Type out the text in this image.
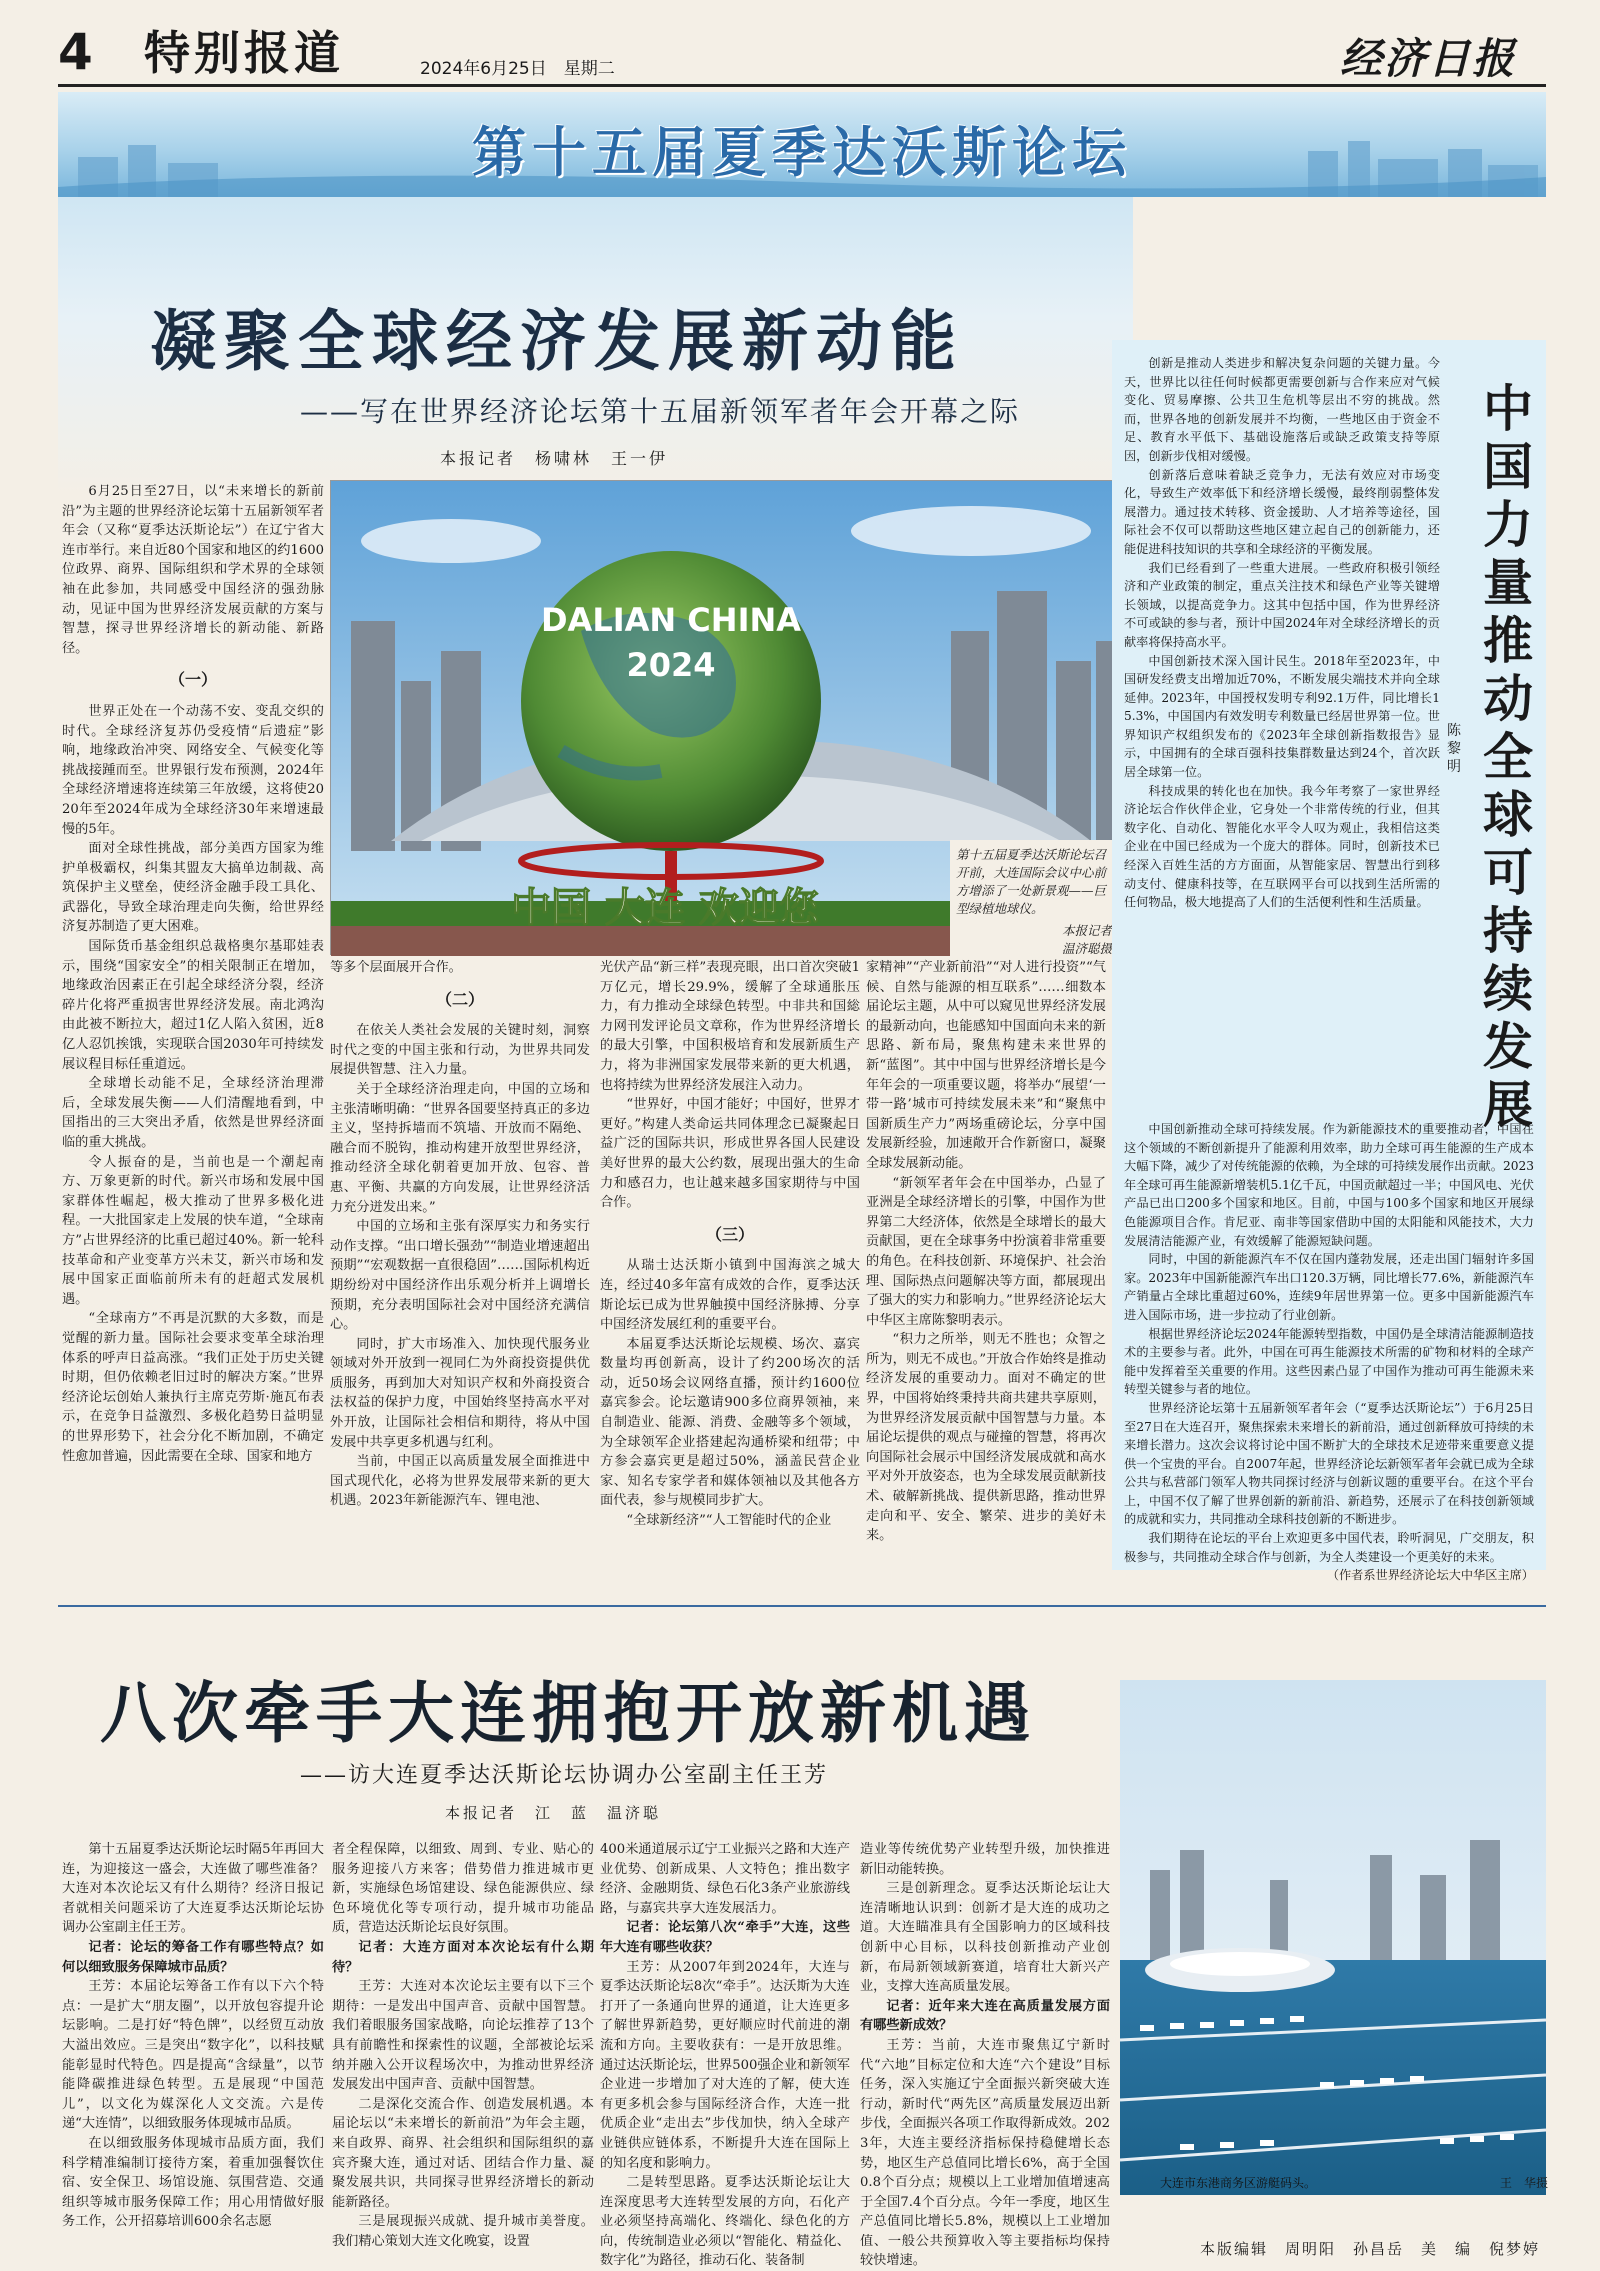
4 特别报道	2024年6月25日　星期二	经济日报
第十五届夏季达沃斯论坛
凝聚全球经济发展新动能
——写在世界经济论坛第十五届新领军者年会开幕之际
本报记者　杨啸林　王一伊
DALIAN CHINA
2024
中国 大连 欢迎您
第十五届夏季达沃斯论坛召开前，大连国际会议中心前方增添了一处新景观——巨型绿植地球仪。
本报记者
温济聪摄

6月25日至27日，以“未来增长的新前沿”为主题的世界经济论坛第十五届新领军者年会（又称“夏季达沃斯论坛”）在辽宁省大连市举行。来自近80个国家和地区的约1600位政界、商界、国际组织和学术界的全球领袖在此参加，共同感受中国经济的强劲脉动，见证中国为世界经济发展贡献的方案与智慧，探寻世界经济增长的新动能、新路径。

（一）

世界正处在一个动荡不安、变乱交织的时代。全球经济复苏仍受疫情“后遗症”影响，地缘政治冲突、网络安全、气候变化等挑战接踵而至。世界银行发布预测，2024年全球经济增速将连续第三年放缓，这将使2020年至2024年成为全球经济30年来增速最慢的5年。

面对全球性挑战，部分美西方国家为维护单极霸权，纠集其盟友大搞单边制裁、高筑保护主义壁垒，使经济金融手段工具化、武器化，导致全球治理走向失衡，给世界经济复苏制造了更大困难。

国际货币基金组织总裁格奥尔基耶娃表示，围绕“国家安全”的相关限制正在增加，地缘政治因素正在引起全球经济分裂，经济碎片化将严重损害世界经济发展。南北鸿沟由此被不断拉大，超过1亿人陷入贫困，近8亿人忍饥挨饿，实现联合国2030年可持续发展议程目标任重道远。

全球增长动能不足，全球经济治理滞后，全球发展失衡——人们清醒地看到，中国指出的三大突出矛盾，依然是世界经济面临的重大挑战。

令人振奋的是，当前也是一个潮起南方、万象更新的时代。新兴市场和发展中国家群体性崛起，极大推动了世界多极化进程。一大批国家走上发展的快车道，“全球南方”占世界经济的比重已超过40%。新一轮科技革命和产业变革方兴未艾，新兴市场和发展中国家正面临前所未有的赶超式发展机遇。

“全球南方”不再是沉默的大多数，而是觉醒的新力量。国际社会要求变革全球治理体系的呼声日益高涨。“我们正处于历史关键时期，但仍依赖老旧过时的解决方案。”世界经济论坛创始人兼执行主席克劳斯·施瓦布表示，在竞争日益激烈、多极化趋势日益明显的世界形势下，社会分化不断加剧，不确定性愈加普遍，因此需要在全球、国家和地方

等多个层面展开合作。

（二）

在依关人类社会发展的关键时刻，洞察时代之变的中国主张和行动，为世界共同发展提供智慧、注入力量。

关于全球经济治理走向，中国的立场和主张清晰明确：“世界各国要坚持真正的多边主义，坚持拆墙而不筑墙、开放而不隔绝、融合而不脱钩，推动构建开放型世界经济，推动经济全球化朝着更加开放、包容、普惠、平衡、共赢的方向发展，让世界经济活力充分迸发出来。”

中国的立场和主张有深厚实力和务实行动作支撑。“出口增长强劲”“制造业增速超出预期”“宏观数据一直很稳固”……国际机构近期纷纷对中国经济作出乐观分析并上调增长预期，充分表明国际社会对中国经济充满信心。

同时，扩大市场准入、加快现代服务业领域对外开放到一视同仁为外商投资提供优质服务，再到加大对知识产权和外商投资合法权益的保护力度，中国始终坚持高水平对外开放，让国际社会相信和期待，将从中国发展中共享更多机遇与红利。

当前，中国正以高质量发展全面推进中国式现代化，必将为世界发展带来新的更大机遇。2023年新能源汽车、锂电池、

光伏产品“新三样”表现亮眼，出口首次突破1万亿元，增长29.9%，缓解了全球通胀压力，有力推动全球绿色转型。中非共和国総力网刊发评论员文章称，作为世界经济增长的最大引擎，中国积极培育和发展新质生产力，将为非洲国家发展带来新的更大机遇，也将持续为世界经济发展注入动力。

“世界好，中国才能好；中国好，世界才更好。”构建人类命运共同体理念已凝聚起日益广泛的国际共识，形成世界各国人民建设美好世界的最大公约数，展现出强大的生命力和感召力，也让越来越多国家期待与中国合作。

（三）

从瑞士达沃斯小镇到中国海滨之城大连，经过40多年富有成效的合作，夏季达沃斯论坛已成为世界触摸中国经济脉搏、分享中国经济发展红利的重要平台。

本届夏季达沃斯论坛规模、场次、嘉宾数量均再创新高，设计了约200场次的活动，近50场会议网络直播，预计约1600位嘉宾参会。论坛邀请900多位商界领袖，来自制造业、能源、消费、金融等多个领域，为全球领军企业搭建起沟通桥梁和纽带；中方参会嘉宾更是超过50%，涵盖民营企业家、知名专家学者和媒体领袖以及其他各方面代表，参与规模同步扩大。

“全球新经济”“人工智能时代的企业

家精神”“产业新前沿”“对人进行投资”“气候、自然与能源的相互联系”……细数本届论坛主题，从中可以窥见世界经济发展的最新动向，也能感知中国面向未来的新思路、新布局，聚焦构建未来世界的新“蓝图”。其中中国与世界经济增长是今年年会的一项重要议题，将举办“展望‘一带一路’城市可持续发展未来”和“聚焦中国新质生产力”两场重磅论坛，分享中国发展新经验，加速敞开合作新窗口，凝聚全球发展新动能。

“新领军者年会在中国举办，凸显了亚洲是全球经济增长的引擎，中国作为世界第二大经济体，依然是全球增长的最大贡献国，更在全球事务中扮演着非常重要的角色。在科技创新、环境保护、社会治理、国际热点问题解决等方面，都展现出了强大的实力和影响力。”世界经济论坛大中华区主席陈黎明表示。

“积力之所举，则无不胜也；众智之所为，则无不成也。”开放合作始终是推动经济发展的重要动力。面对不确定的世界，中国将始终秉持共商共建共享原则，为世界经济发展贡献中国智慧与力量。本届论坛提供的观点与碰撞的智慧，将再次向国际社会展示中国经济发展成就和高水平对外开放姿态，也为全球发展贡献新技术、破解新挑战、提供新思路，推动世界走向和平、安全、繁荣、进步的美好未来。

中国力量推动全球可持续发展
陈黎明

创新是推动人类进步和解决复杂问题的关键力量。今天，世界比以往任何时候都更需要创新与合作来应对气候变化、贸易摩擦、公共卫生危机等层出不穷的挑战。然而，世界各地的创新发展并不均衡，一些地区由于资金不足、教育水平低下、基础设施落后或缺乏政策支持等原因，创新步伐相对缓慢。

创新落后意味着缺乏竞争力，无法有效应对市场变化，导致生产效率低下和经济增长缓慢，最终削弱整体发展潜力。通过技术转移、资金援助、人才培养等途径，国际社会不仅可以帮助这些地区建立起自己的创新能力，还能促进科技知识的共享和全球经济的平衡发展。

我们已经看到了一些重大进展。一些政府积极引领经济和产业政策的制定，重点关注技术和绿色产业等关键增长领域，以提高竞争力。这其中包括中国，作为世界经济不可或缺的参与者，预计中国2024年对全球经济增长的贡献率将保持高水平。

中国创新技术深入国计民生。2018年至2023年，中国研发经费支出增加近70%，不断发展尖端技术并向全球延伸。2023年，中国授权发明专利92.1万件，同比增长15.3%，中国国内有效发明专利数量已经居世界第一位。世界知识产权组织发布的《2023年全球创新指数报告》显示，中国拥有的全球百强科技集群数量达到24个，首次跃居全球第一位。

科技成果的转化也在加快。我今年考察了一家世界经济论坛合作伙伴企业，它身处一个非常传统的行业，但其数字化、自动化、智能化水平令人叹为观止，我相信这类企业在中国已经成为一个庞大的群体。同时，创新技术已经深入百姓生活的方方面面，从智能家居、智慧出行到移动支付、健康科技等，在互联网平台可以找到生活所需的任何物品，极大地提高了人们的生活便利性和生活质量。

中国创新推动全球可持续发展。作为新能源技术的重要推动者，中国在这个领域的不断创新提升了能源利用效率，助力全球可再生能源的生产成本大幅下降，减少了对传统能源的依赖，为全球的可持续发展作出贡献。2023年全球可再生能源新增装机5.1亿千瓦，中国贡献超过一半；中国风电、光伏产品已出口200多个国家和地区。目前，中国与100多个国家和地区开展绿色能源项目合作。肯尼亚、南非等国家借助中国的太阳能和风能技术，大力发展清洁能源产业，有效缓解了能源短缺问题。

同时，中国的新能源汽车不仅在国内蓬勃发展，还走出国门辐射许多国家。2023年中国新能源汽车出口120.3万辆，同比增长77.6%，新能源汽车产销量占全球比重超过60%，连续9年居世界第一位。更多中国新能源汽车进入国际市场，进一步拉动了行业创新。

根据世界经济论坛2024年能源转型指数，中国仍是全球清洁能源制造技术的主要参与者。此外，中国在可再生能源技术所需的矿物和材料的全球产能中发挥着至关重要的作用。这些因素凸显了中国作为推动可再生能源未来转型关键参与者的地位。

世界经济论坛第十五届新领军者年会（“夏季达沃斯论坛”）于6月25日至27日在大连召开，聚焦探索未来增长的新前沿，通过创新释放可持续的未来增长潜力。这次会议将讨论中国不断扩大的全球技术足迹带来重要意义提供一个宝贵的平台。自2007年起，世界经济论坛新领军者年会就已成为全球公共与私营部门领军人物共同探讨经济与创新议题的重要平台。在这个平台上，中国不仅了解了世界创新的新前沿、新趋势，还展示了在科技创新领域的成就和实力，共同推动全球科技创新的不断进步。

我们期待在论坛的平台上欢迎更多中国代表，聆听洞见，广交朋友，积极参与，共同推动全球合作与创新，为全人类建设一个更美好的未来。

（作者系世界经济论坛大中华区主席）

八次牵手大连拥抱开放新机遇
——访大连夏季达沃斯论坛协调办公室副主任王芳
本报记者　江　蓝　温济聪

第十五届夏季达沃斯论坛时隔5年再回大连，为迎接这一盛会，大连做了哪些准备？大连对本次论坛又有什么期待？经济日报记者就相关问题采访了大连夏季达沃斯论坛协调办公室副主任王芳。

记者：论坛的筹备工作有哪些特点？如何以细致服务保障城市品质？

王芳：本届论坛筹备工作有以下六个特点：一是扩大“朋友圈”，以开放包容提升论坛影响。二是打好“特色牌”，以经贸互动放大溢出效应。三是突出“数字化”，以科技赋能彰显时代特色。四是提高“含绿量”，以节能降碳推进绿色转型。五是展现“中国范儿”，以文化为媒深化人文交流。六是传递“大连情”，以细致服务体现城市品质。

在以细致服务体现城市品质方面，我们科学精准编制订接待方案，着重加强餐饮住宿、安全保卫、场馆设施、氛围营造、交通组织等城市服务保障工作；用心用情做好服务工作，公开招募培训600余名志愿

者全程保障，以细致、周到、专业、贴心的服务迎接八方来客；借势借力推进城市更新，实施绿色场馆建设、绿色能源供应、绿色环境优化等专项行动，提升城市功能品质，营造达沃斯论坛良好氛围。

记者：大连方面对本次论坛有什么期待？

王芳：大连对本次论坛主要有以下三个期待：一是发出中国声音、贡献中国智慧。我们着眼服务国家战略，向论坛推荐了13个具有前瞻性和探索性的议题，全部被论坛采纳并融入公开议程场次中，为推动世界经济发展发出中国声音、贡献中国智慧。

二是深化交流合作、创造发展机遇。本届论坛以“未来增长的新前沿”为年会主题，来自政界、商界、社会组织和国际组织的嘉宾齐聚大连，通过对话、团结合作力量、凝聚发展共识，共同探寻世界经济增长的新动能新路径。

三是展现振兴成就、提升城市美誉度。我们精心策划大连文化晚宴，设置

400米通道展示辽宁工业振兴之路和大连产业优势、创新成果、人文特色；推出数字经济、金融期货、绿色石化3条产业旅游线路，与嘉宾共享大连发展活力。

记者：论坛第八次“牵手”大连，这些年大连有哪些收获？

王芳：从2007年到2024年，大连与夏季达沃斯论坛8次“牵手”。达沃斯为大连打开了一条通向世界的通道，让大连更多了解世界新趋势，更好顺应时代前进的潮流和方向。主要收获有：一是开放思维。通过达沃斯论坛，世界500强企业和新领军企业进一步增加了对大连的了解，使大连有更多机会参与国际经济合作，大连一批优质企业“走出去”步伐加快，纳入全球产业链供应链体系，不断提升大连在国际上的知名度和影响力。

二是转型思路。夏季达沃斯论坛让大连深度思考大连转型发展的方向，石化产业必须坚持高端化、终端化、绿色化的方向，传统制造业必须以“智能化、精益化、数字化”为路径，推动石化、装备制

造业等传统优势产业转型升级，加快推进新旧动能转换。

三是创新理念。夏季达沃斯论坛让大连清晰地认识到：创新才是大连的成功之道。大连瞄准具有全国影响力的区域科技创新中心目标，以科技创新推动产业创新，布局新领域新赛道，培育壮大新兴产业，支撑大连高质量发展。

记者：近年来大连在高质量发展方面有哪些新成效？

王芳：当前，大连市聚焦辽宁新时代“六地”目标定位和大连“六个建设”目标任务，深入实施辽宁全面振兴新突破大连行动，新时代“两先区”高质量发展迈出新步伐，全面振兴各项工作取得新成效。2023年，大连主要经济指标保持稳健增长态势，地区生产总值同比增长6%，高于全国0.8个百分点；规模以上工业增加值增速高于全国7.4个百分点。今年一季度，地区生产总值同比增长5.8%，规模以上工业增加值、一般公共预算收入等主要指标均保持较快增速。

大连市东港商务区游艇码头。	王　华摄
本版编辑　周明阳　孙昌岳　美　编　倪梦婷
